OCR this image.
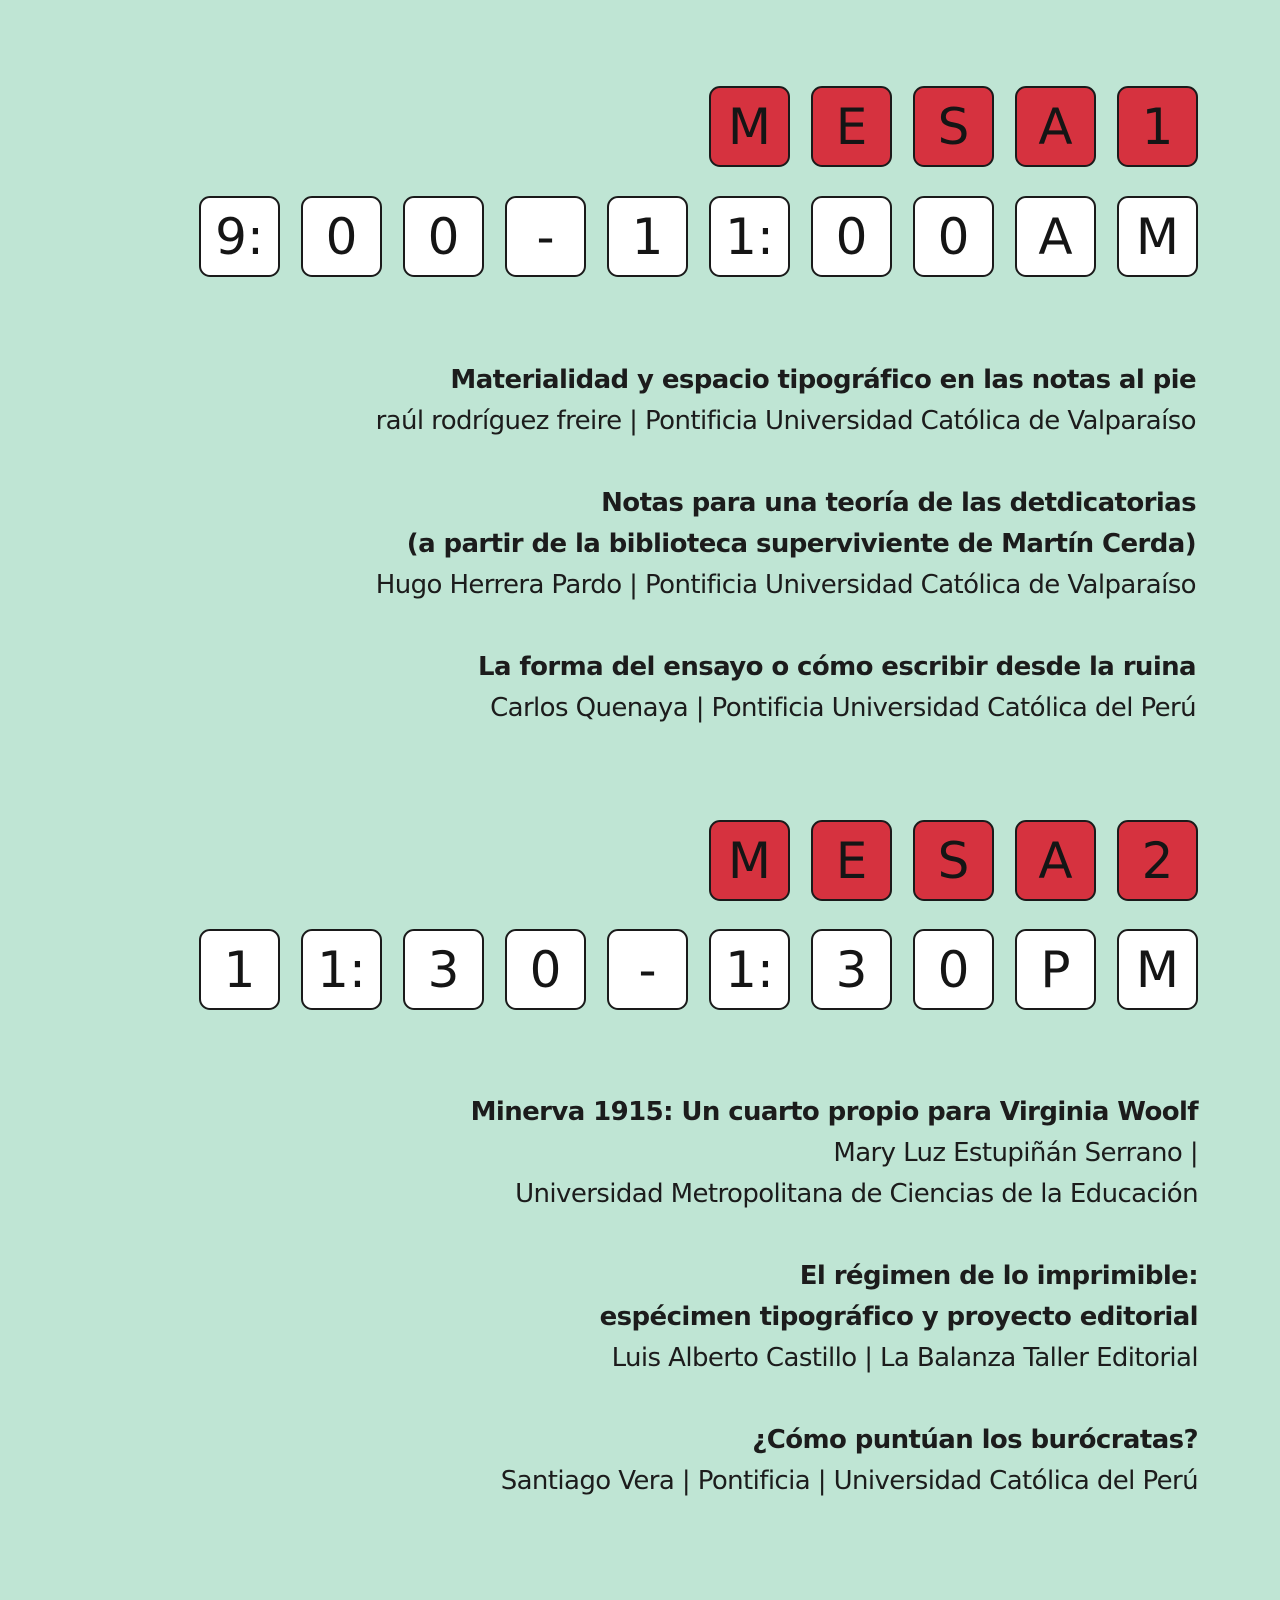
M	E	S	A	1
9:	0	0	-	1	1:	0	0	A	M

Materialidad y espacio tipográfico en las notas al pie

raúl rodríguez freire | Pontificia Universidad Católica de Valparaíso

Notas para una teoría de las detdicatorias

(a partir de la biblioteca superviviente de Martín Cerda)

Hugo Herrera Pardo | Pontificia Universidad Católica de Valparaíso

La forma del ensayo o cómo escribir desde la ruina

Carlos Quenaya | Pontificia Universidad Católica del Perú

M	E	S	A	2
1	1:	3	0	-	1:	3	0	P	M

Minerva 1915: Un cuarto propio para Virginia Woolf

Mary Luz Estupiñán Serrano |

Universidad Metropolitana de Ciencias de la Educación

El régimen de lo imprimible:

espécimen tipográfico y proyecto editorial

Luis Alberto Castillo | La Balanza Taller Editorial

¿Cómo puntúan los burócratas?

Santiago Vera | Pontificia | Universidad Católica del Perú
